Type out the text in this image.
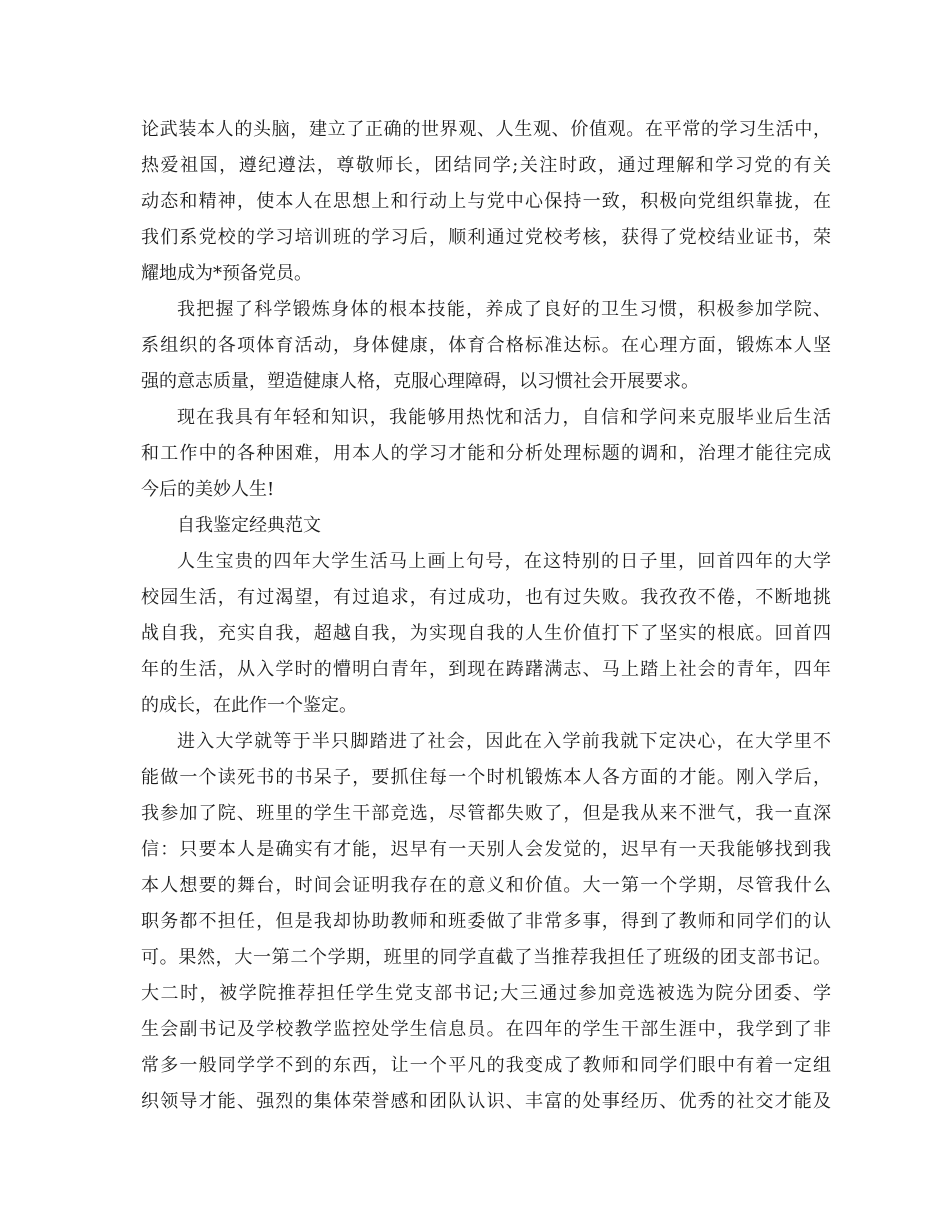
论武装本人的头脑，建立了正确的世界观、人生观、价值观。在平常的学习生活中，
热爱祖国，遵纪遵法，尊敬师长，团结同学;关注时政，通过理解和学习党的有关
动态和精神，使本人在思想上和行动上与党中心保持一致，积极向党组织靠拢，在
我们系党校的学习培训班的学习后，顺利通过党校考核，获得了党校结业证书，荣
耀地成为*预备党员。
我把握了科学锻炼身体的根本技能，养成了良好的卫生习惯，积极参加学院、
系组织的各项体育活动，身体健康，体育合格标准达标。在心理方面，锻炼本人坚
强的意志质量，塑造健康人格，克服心理障碍，以习惯社会开展要求。
现在我具有年轻和知识，我能够用热忱和活力，自信和学问来克服毕业后生活
和工作中的各种困难，用本人的学习才能和分析处理标题的调和，治理才能往完成
今后的美妙人生!
自我鉴定经典范文
人生宝贵的四年大学生活马上画上句号，在这特别的日子里，回首四年的大学
校园生活，有过渴望，有过追求，有过成功，也有过失败。我孜孜不倦，不断地挑
战自我，充实自我，超越自我，为实现自我的人生价值打下了坚实的根底。回首四
年的生活，从入学时的懵明白青年，到现在踌躇满志、马上踏上社会的青年，四年
的成长，在此作一个鉴定。
进入大学就等于半只脚踏进了社会，因此在入学前我就下定决心，在大学里不
能做一个读死书的书呆子，要抓住每一个时机锻炼本人各方面的才能。刚入学后，
我参加了院、班里的学生干部竞选，尽管都失败了，但是我从来不泄气，我一直深
信：只要本人是确实有才能，迟早有一天别人会发觉的，迟早有一天我能够找到我
本人想要的舞台，时间会证明我存在的意义和价值。大一第一个学期，尽管我什么
职务都不担任，但是我却协助教师和班委做了非常多事，得到了教师和同学们的认
可。果然，大一第二个学期，班里的同学直截了当推荐我担任了班级的团支部书记。
大二时，被学院推荐担任学生党支部书记;大三通过参加竞选被选为院分团委、学
生会副书记及学校教学监控处学生信息员。在四年的学生干部生涯中，我学到了非
常多一般同学学不到的东西，让一个平凡的我变成了教师和同学们眼中有着一定组
织领导才能、强烈的集体荣誉感和团队认识、丰富的处事经历、优秀的社交才能及
